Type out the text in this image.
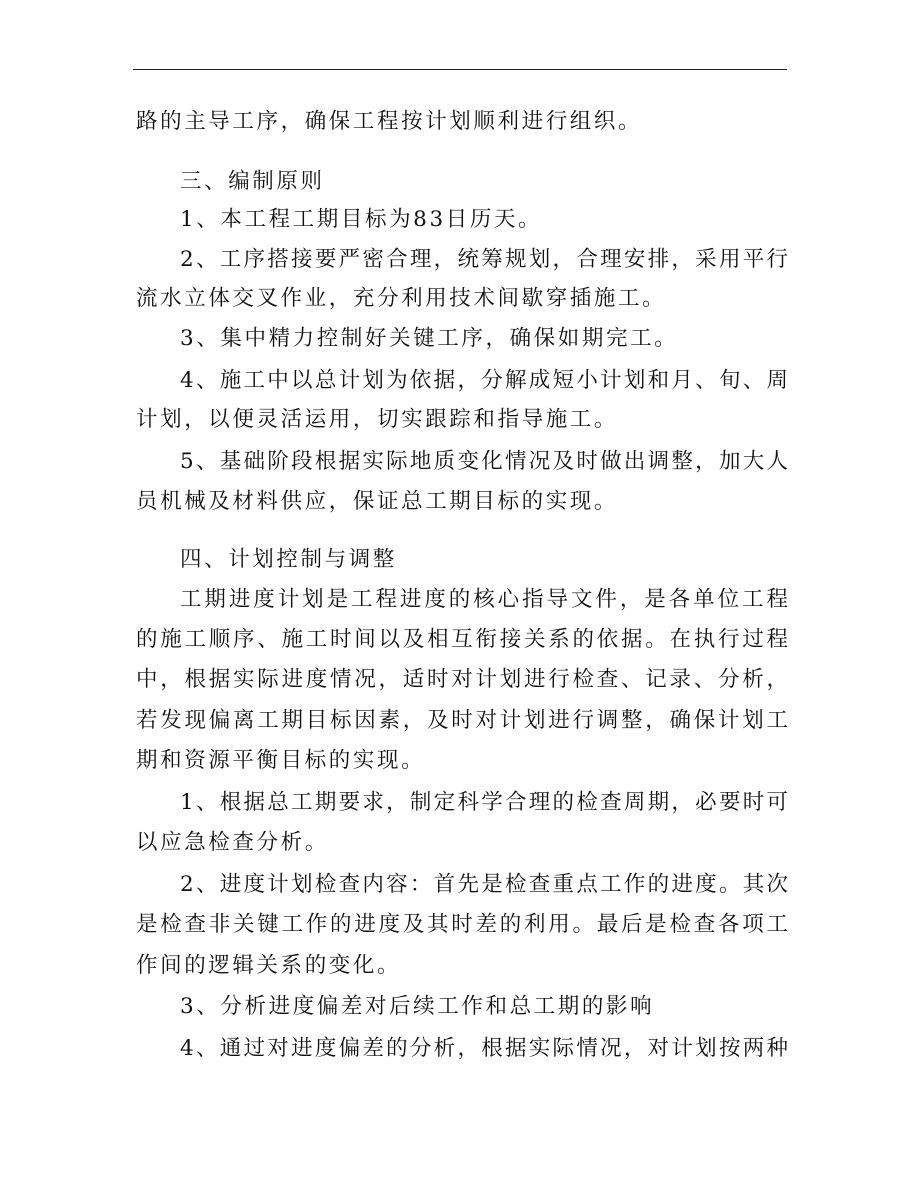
路的主导工序，确保工程按计划顺利进行组织。
三、编制原则
1、本工程工期目标为83日历天。
2、工序搭接要严密合理，统筹规划，合理安排，采用平行
流水立体交叉作业，充分利用技术间歇穿插施工。
3、集中精力控制好关键工序，确保如期完工。
4、施工中以总计划为依据，分解成短小计划和月、旬、周
计划，以便灵活运用，切实跟踪和指导施工。
5、基础阶段根据实际地质变化情况及时做出调整，加大人
员机械及材料供应，保证总工期目标的实现。
四、计划控制与调整
工期进度计划是工程进度的核心指导文件，是各单位工程
的施工顺序、施工时间以及相互衔接关系的依据。在执行过程
中，根据实际进度情况，适时对计划进行检查、记录、分析，
若发现偏离工期目标因素，及时对计划进行调整，确保计划工
期和资源平衡目标的实现。
1、根据总工期要求，制定科学合理的检查周期，必要时可
以应急检查分析。
2、进度计划检查内容：首先是检查重点工作的进度。其次
是检查非关键工作的进度及其时差的利用。最后是检查各项工
作间的逻辑关系的变化。
3、分析进度偏差对后续工作和总工期的影响
4、通过对进度偏差的分析，根据实际情况，对计划按两种
